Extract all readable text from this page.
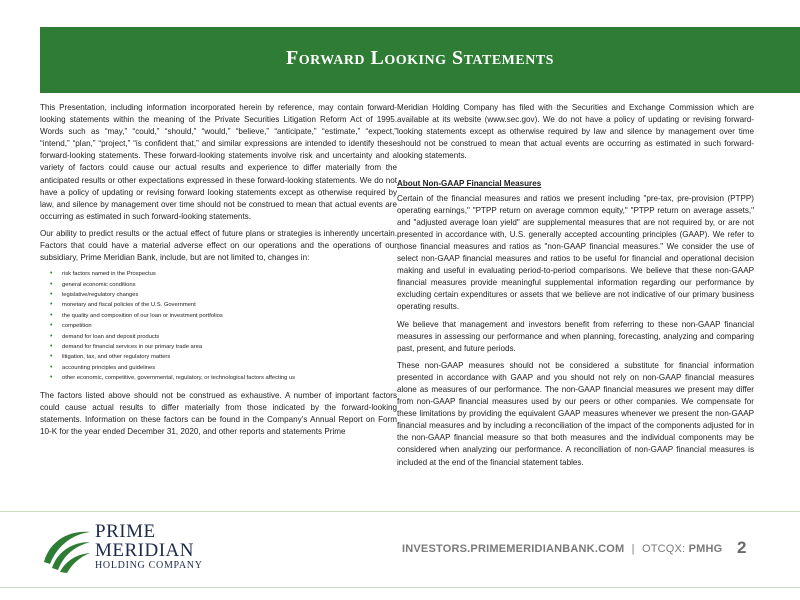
Forward Looking Statements

This Presentation, including information incorporated herein by reference, may contain forward-looking statements within the meaning of the Private Securities Litigation Reform Act of 1995. Words such as “may,” “could,” “should,” “would,” “believe,” “anticipate,” “estimate,” “expect,” “intend,” “plan,” “project,” “is confident that,” and similar expressions are intended to identify these forward-looking statements. These forward-looking statements involve risk and uncertainty and a variety of factors could cause our actual results and experience to differ materially from the anticipated results or other expectations expressed in these forward-looking statements. We do not have a policy of updating or revising forward looking statements except as otherwise required by law, and silence by management over time should not be construed to mean that actual events are occurring as estimated in such forward-looking statements.

Our ability to predict results or the actual effect of future plans or strategies is inherently uncertain. Factors that could have a material adverse effect on our operations and the operations of our subsidiary, Prime Meridian Bank, include, but are not limited to, changes in:

• risk factors named in the Prospectus
• general economic conditions
• legislative/regulatory changes
• monetary and fiscal policies of the U.S. Government
• the quality and composition of our loan or investment portfolios
• competition
• demand for loan and deposit products
• demand for financial services in our primary trade area
• litigation, tax, and other regulatory matters
• accounting principles and guidelines
• other economic, competitive, governmental, regulatory, or technological factors affecting us

The factors listed above should not be construed as exhaustive. A number of important factors could cause actual results to differ materially from those indicated by the forward-looking statements. Information on these factors can be found in the Company’s Annual Report on Form 10-K for the year ended December 31, 2020, and other reports and statements Prime

Meridian Holding Company has filed with the Securities and Exchange Commission which are available at its website (www.sec.gov). We do not have a policy of updating or revising forward-looking statements except as otherwise required by law and silence by management over time should not be construed to mean that actual events are occurring as estimated in such forward-looking statements.

About Non-GAAP Financial Measures

Certain of the financial measures and ratios we present including "pre-tax, pre-provision (PTPP) operating earnings," "PTPP return on average common equity," "PTPP return on average assets," and "adjusted average loan yield" are supplemental measures that are not required by, or are not presented in accordance with, U.S. generally accepted accounting principles (GAAP). We refer to those financial measures and ratios as "non-GAAP financial measures." We consider the use of select non-GAAP financial measures and ratios to be useful for financial and operational decision making and useful in evaluating period-to-period comparisons. We believe that these non-GAAP financial measures provide meaningful supplemental information regarding our performance by excluding certain expenditures or assets that we believe are not indicative of our primary business operating results.

We believe that management and investors benefit from referring to these non-GAAP financial measures in assessing our performance and when planning, forecasting, analyzing and comparing past, present, and future periods.

These non-GAAP measures should not be considered a substitute for financial information presented in accordance with GAAP and you should not rely on non-GAAP financial measures alone as measures of our performance. The non-GAAP financial measures we present may differ from non-GAAP financial measures used by our peers or other companies. We compensate for these limitations by providing the equivalent GAAP measures whenever we present the non-GAAP financial measures and by including a reconciliation of the impact of the components adjusted for in the non-GAAP financial measure so that both measures and the individual components may be considered when analyzing our performance. A reconciliation of non-GAAP financial measures is included at the end of the financial statement tables.

PRIME
MERIDIAN
HOLDING COMPANY
INVESTORS.PRIMEMERIDIANBANK.COM | OTCQX: PMHG 2
